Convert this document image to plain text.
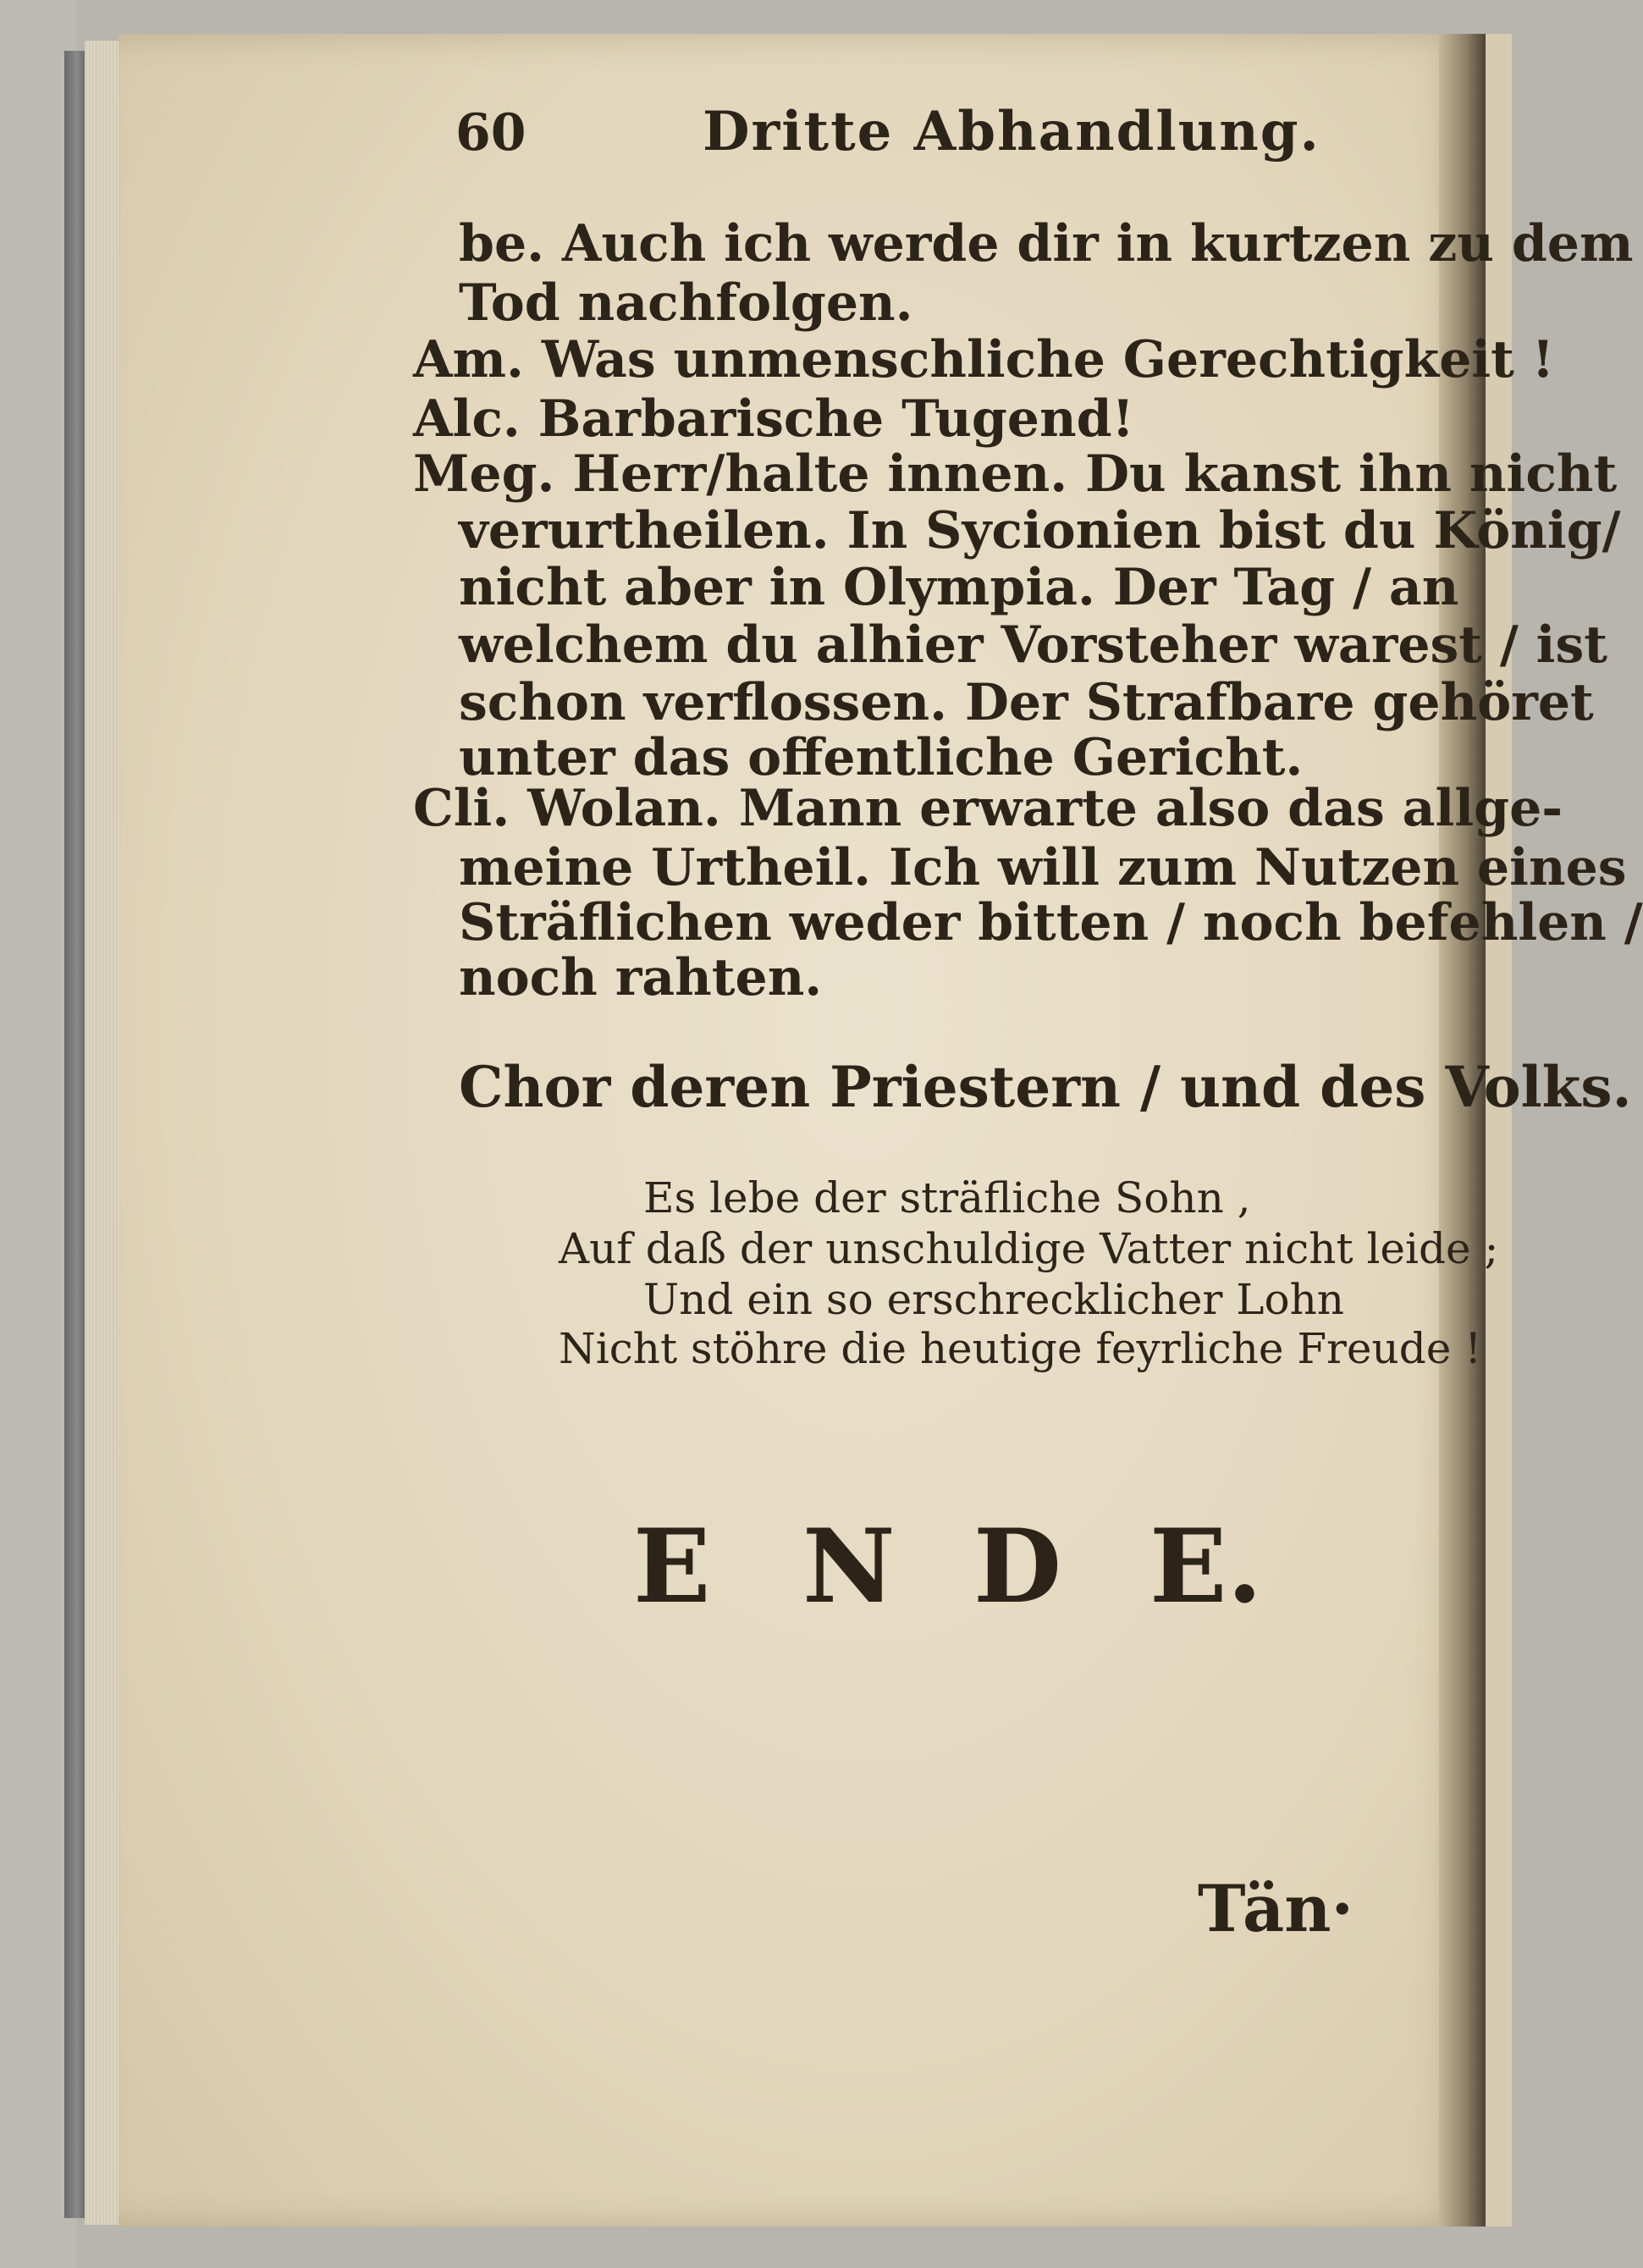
60	Dritte Abhandlung.
be. Auch ich werde dir in kurtzen zu dem
Tod nachfolgen.
Am. Was unmenschliche Gerechtigkeit !
Alc. Barbarische Tugend!
Meg. Herr/halte innen. Du kanst ihn nicht
verurtheilen. In Sycionien bist du König/
nicht aber in Olympia. Der Tag / an
welchem du alhier Vorsteher warest / ist
schon verflossen. Der Strafbare gehöret
unter das offentliche Gericht.
Cli. Wolan. Mann erwarte also das allge-
meine Urtheil. Ich will zum Nutzen eines
Sträflichen weder bitten / noch befehlen /
noch rahten.
Chor deren Priestern / und des Volks.
Es lebe der sträfliche Sohn ,
Auf daß der unschuldige Vatter nicht leide ;
Und ein so erschrecklicher Lohn
Nicht stöhre die heutige feyrliche Freude !
E N D E.
Tän·
